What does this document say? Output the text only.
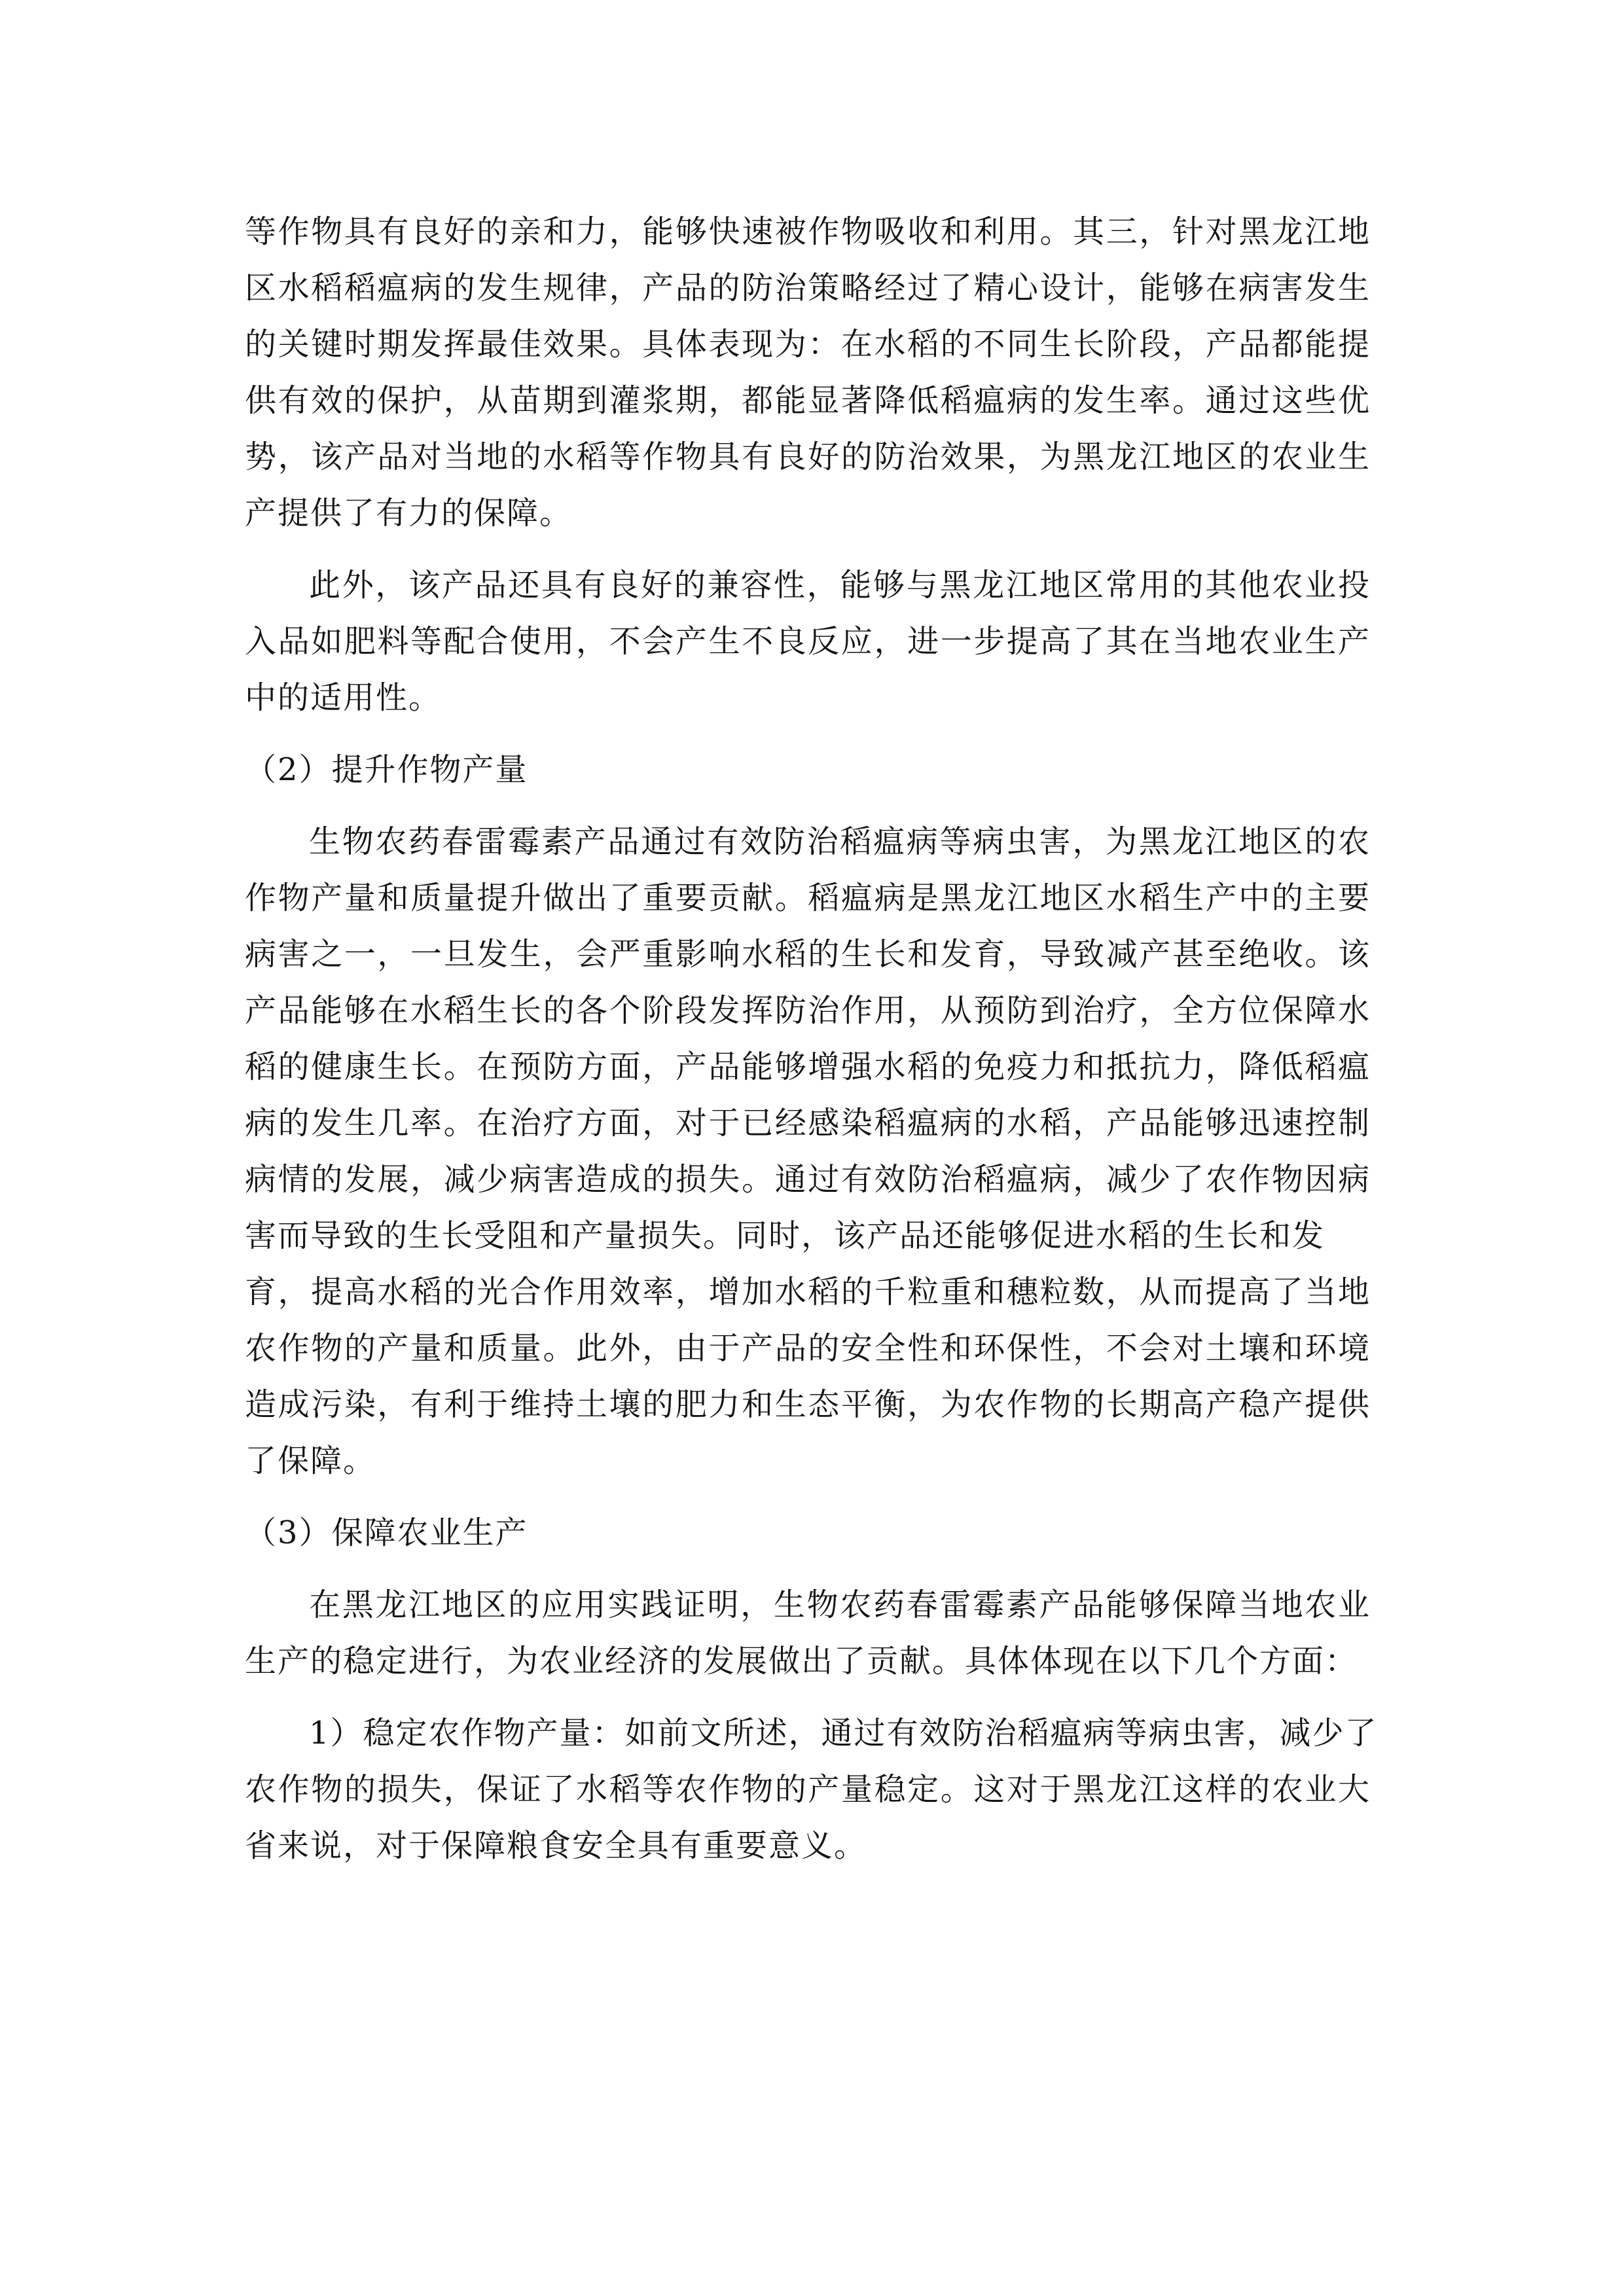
等作物具有良好的亲和力，能够快速被作物吸收和利用。其三，针对黑龙江地
区水稻稻瘟病的发生规律，产品的防治策略经过了精心设计，能够在病害发生
的关键时期发挥最佳效果。具体表现为：在水稻的不同生长阶段，产品都能提
供有效的保护，从苗期到灌浆期，都能显著降低稻瘟病的发生率。通过这些优
势，该产品对当地的水稻等作物具有良好的防治效果，为黑龙江地区的农业生
产提供了有力的保障。
此外，该产品还具有良好的兼容性，能够与黑龙江地区常用的其他农业投
入品如肥料等配合使用，不会产生不良反应，进一步提高了其在当地农业生产
中的适用性。
（2）提升作物产量
生物农药春雷霉素产品通过有效防治稻瘟病等病虫害，为黑龙江地区的农
作物产量和质量提升做出了重要贡献。稻瘟病是黑龙江地区水稻生产中的主要
病害之一，一旦发生，会严重影响水稻的生长和发育，导致减产甚至绝收。该
产品能够在水稻生长的各个阶段发挥防治作用，从预防到治疗，全方位保障水
稻的健康生长。在预防方面，产品能够增强水稻的免疫力和抵抗力，降低稻瘟
病的发生几率。在治疗方面，对于已经感染稻瘟病的水稻，产品能够迅速控制
病情的发展，减少病害造成的损失。通过有效防治稻瘟病，减少了农作物因病
害而导致的生长受阻和产量损失。同时，该产品还能够促进水稻的生长和发
育，提高水稻的光合作用效率，增加水稻的千粒重和穗粒数，从而提高了当地
农作物的产量和质量。此外，由于产品的安全性和环保性，不会对土壤和环境
造成污染，有利于维持土壤的肥力和生态平衡，为农作物的长期高产稳产提供
了保障。
（3）保障农业生产
在黑龙江地区的应用实践证明，生物农药春雷霉素产品能够保障当地农业
生产的稳定进行，为农业经济的发展做出了贡献。具体体现在以下几个方面：
1）稳定农作物产量：如前文所述，通过有效防治稻瘟病等病虫害，减少了
农作物的损失，保证了水稻等农作物的产量稳定。这对于黑龙江这样的农业大
省来说，对于保障粮食安全具有重要意义。
